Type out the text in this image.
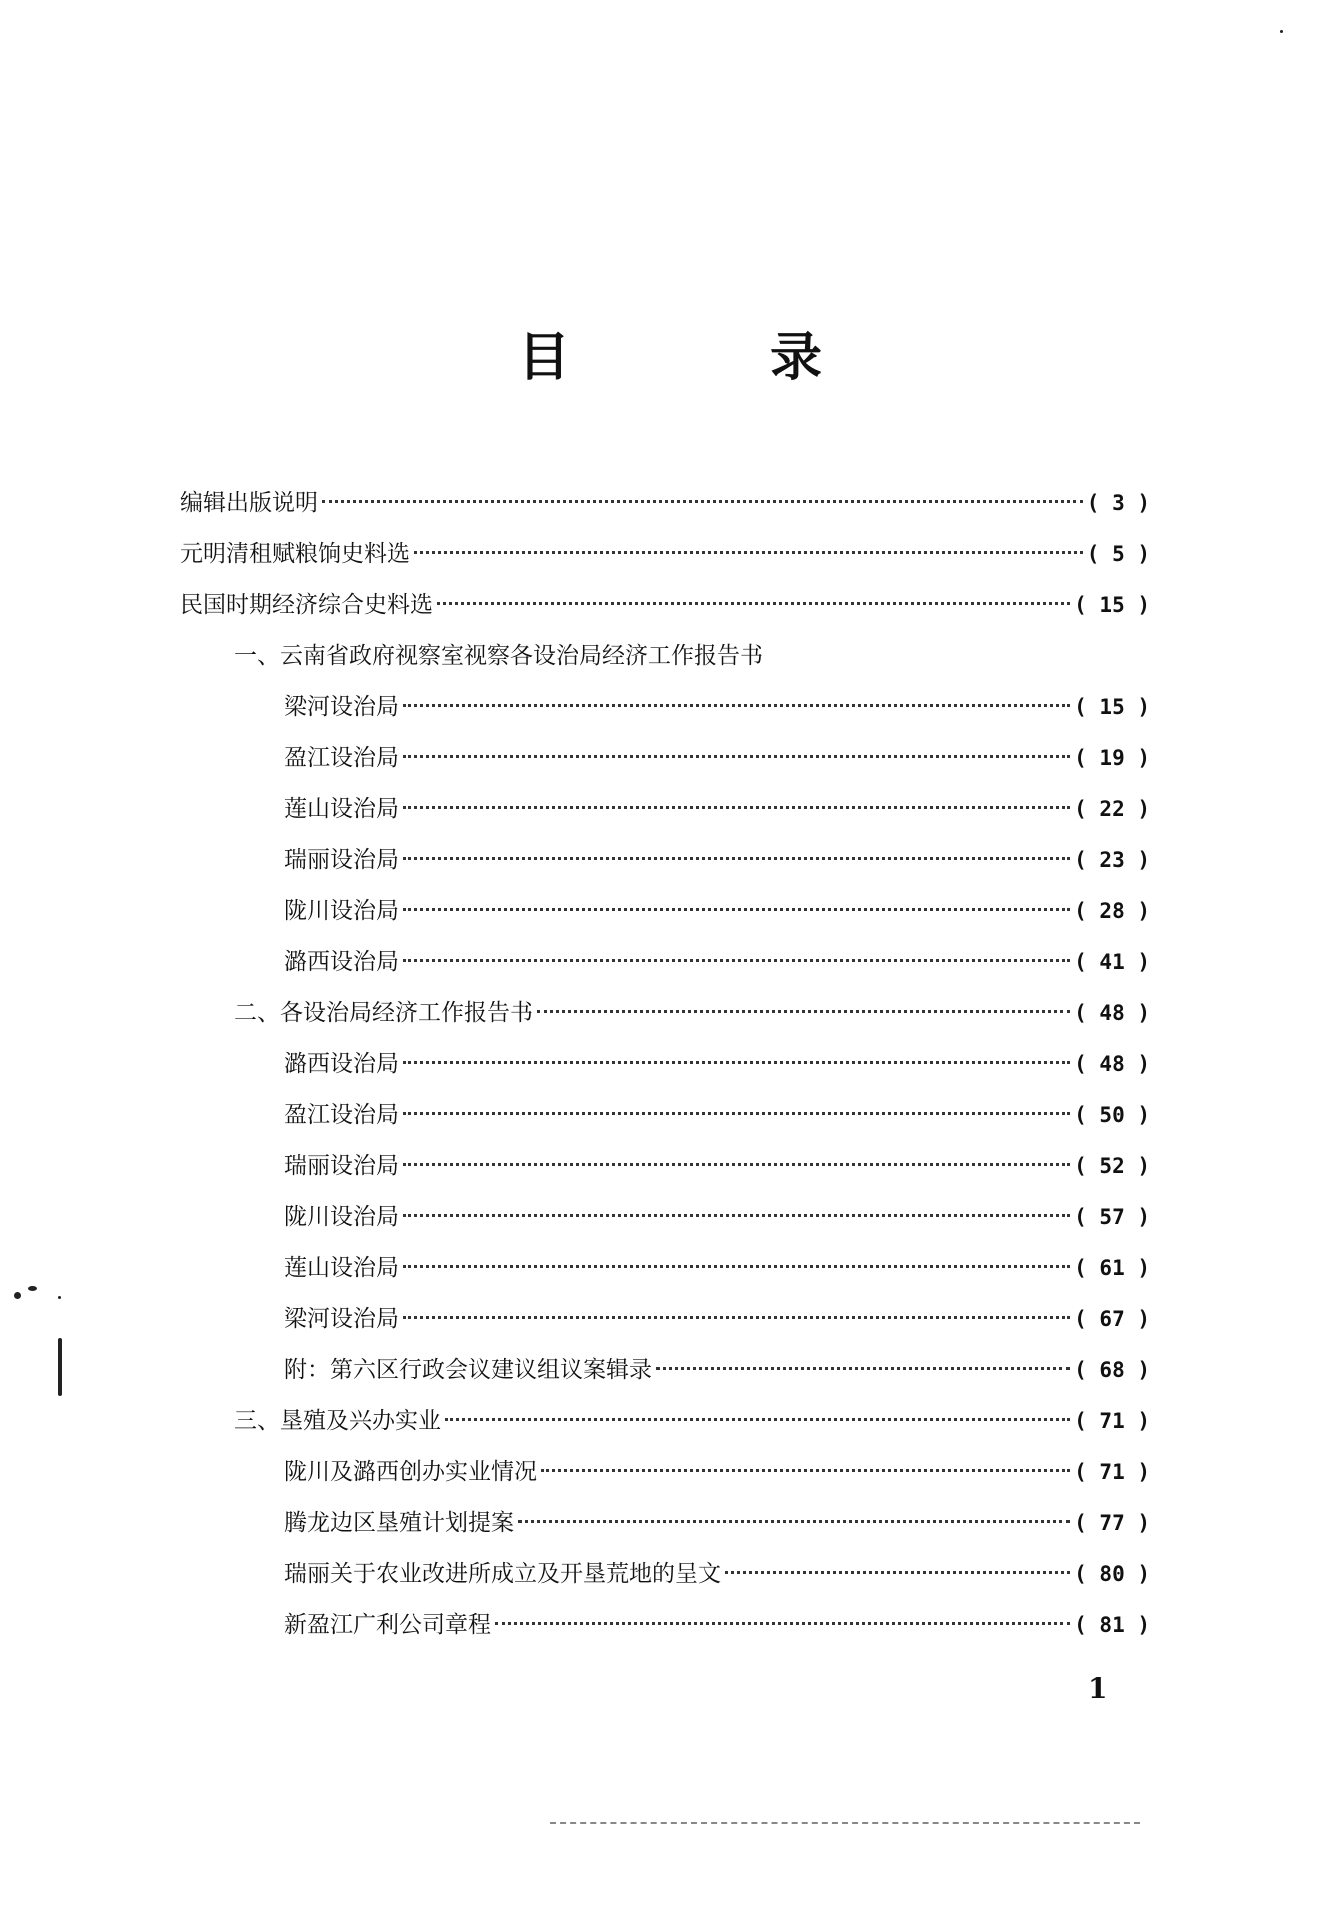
目	录
编辑出版说明	( 3 )
元明清租赋粮饷史料选	( 5 )
民国时期经济综合史料选	( 15 )
一、云南省政府视察室视察各设治局经济工作报告书
梁河设治局	( 15 )
盈江设治局	( 19 )
莲山设治局	( 22 )
瑞丽设治局	( 23 )
陇川设治局	( 28 )
潞西设治局	( 41 )
二、各设治局经济工作报告书	( 48 )
潞西设治局	( 48 )
盈江设治局	( 50 )
瑞丽设治局	( 52 )
陇川设治局	( 57 )
莲山设治局	( 61 )
梁河设治局	( 67 )
附：第六区行政会议建议组议案辑录	( 68 )
三、垦殖及兴办实业	( 71 )
陇川及潞西创办实业情况	( 71 )
腾龙边区垦殖计划提案	( 77 )
瑞丽关于农业改进所成立及开垦荒地的呈文	( 80 )
新盈江广利公司章程	( 81 )
1
